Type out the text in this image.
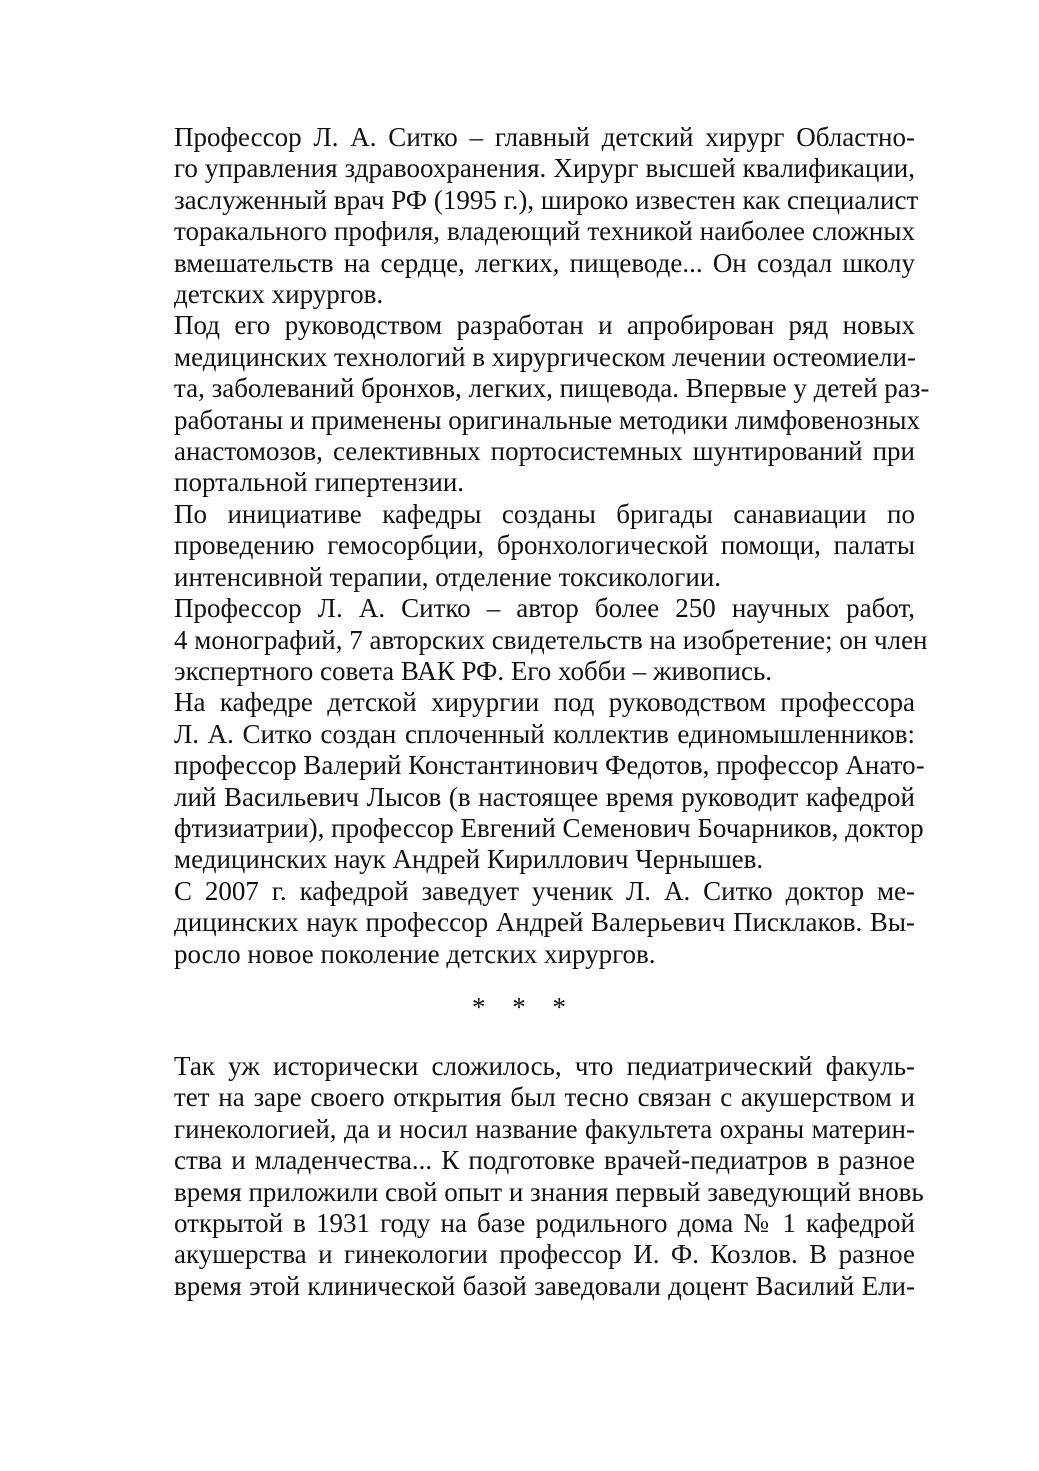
Профессор Л. А. Ситко – главный детский хирург Областно-
го управления здравоохранения. Хирург высшей квалификации,
заслуженный врач РФ (1995 г.), широко известен как специалист
торакального профиля, владеющий техникой наиболее сложных
вмешательств на сердце, легких, пищеводе... Он создал школу
детских хирургов.

Под его руководством разработан и апробирован ряд новых
медицинских технологий в хирургическом лечении остеомиели-
та, заболеваний бронхов, легких, пищевода. Впервые у детей раз-
работаны и применены оригинальные методики лимфовенозных
анастомозов, селективных портосистемных шунтирований при
портальной гипертензии.

По инициативе кафедры созданы бригады санавиации по
проведению гемосорбции, бронхологической помощи, палаты
интенсивной терапии, отделение токсикологии.

Профессор Л. А. Ситко – автор более 250 научных работ,
4 монографий, 7 авторских свидетельств на изобретение; он член
экспертного совета ВАК РФ. Его хобби – живопись.

На кафедре детской хирургии под руководством профессора
Л. А. Ситко создан сплоченный коллектив единомышленников:
профессор Валерий Константинович Федотов, профессор Анато-
лий Васильевич Лысов (в настоящее время руководит кафедрой
фтизиатрии), профессор Евгений Семенович Бочарников, доктор
медицинских наук Андрей Кириллович Чернышев.

С 2007 г. кафедрой заведует ученик Л. А. Ситко доктор ме-
дицинских наук профессор Андрей Валерьевич Писклаков. Вы-
росло новое поколение детских хирургов.

* * *

Так уж исторически сложилось, что педиатрический факуль-
тет на заре своего открытия был тесно связан с акушерством и
гинекологией, да и носил название факультета охраны материн-
ства и младенчества... К подготовке врачей-педиатров в разное
время приложили свой опыт и знания первый заведующий вновь
открытой в 1931 году на базе родильного дома № 1 кафедрой
акушерства и гинекологии профессор И. Ф. Козлов. В разное
время этой клинической базой заведовали доцент Василий Ели-
